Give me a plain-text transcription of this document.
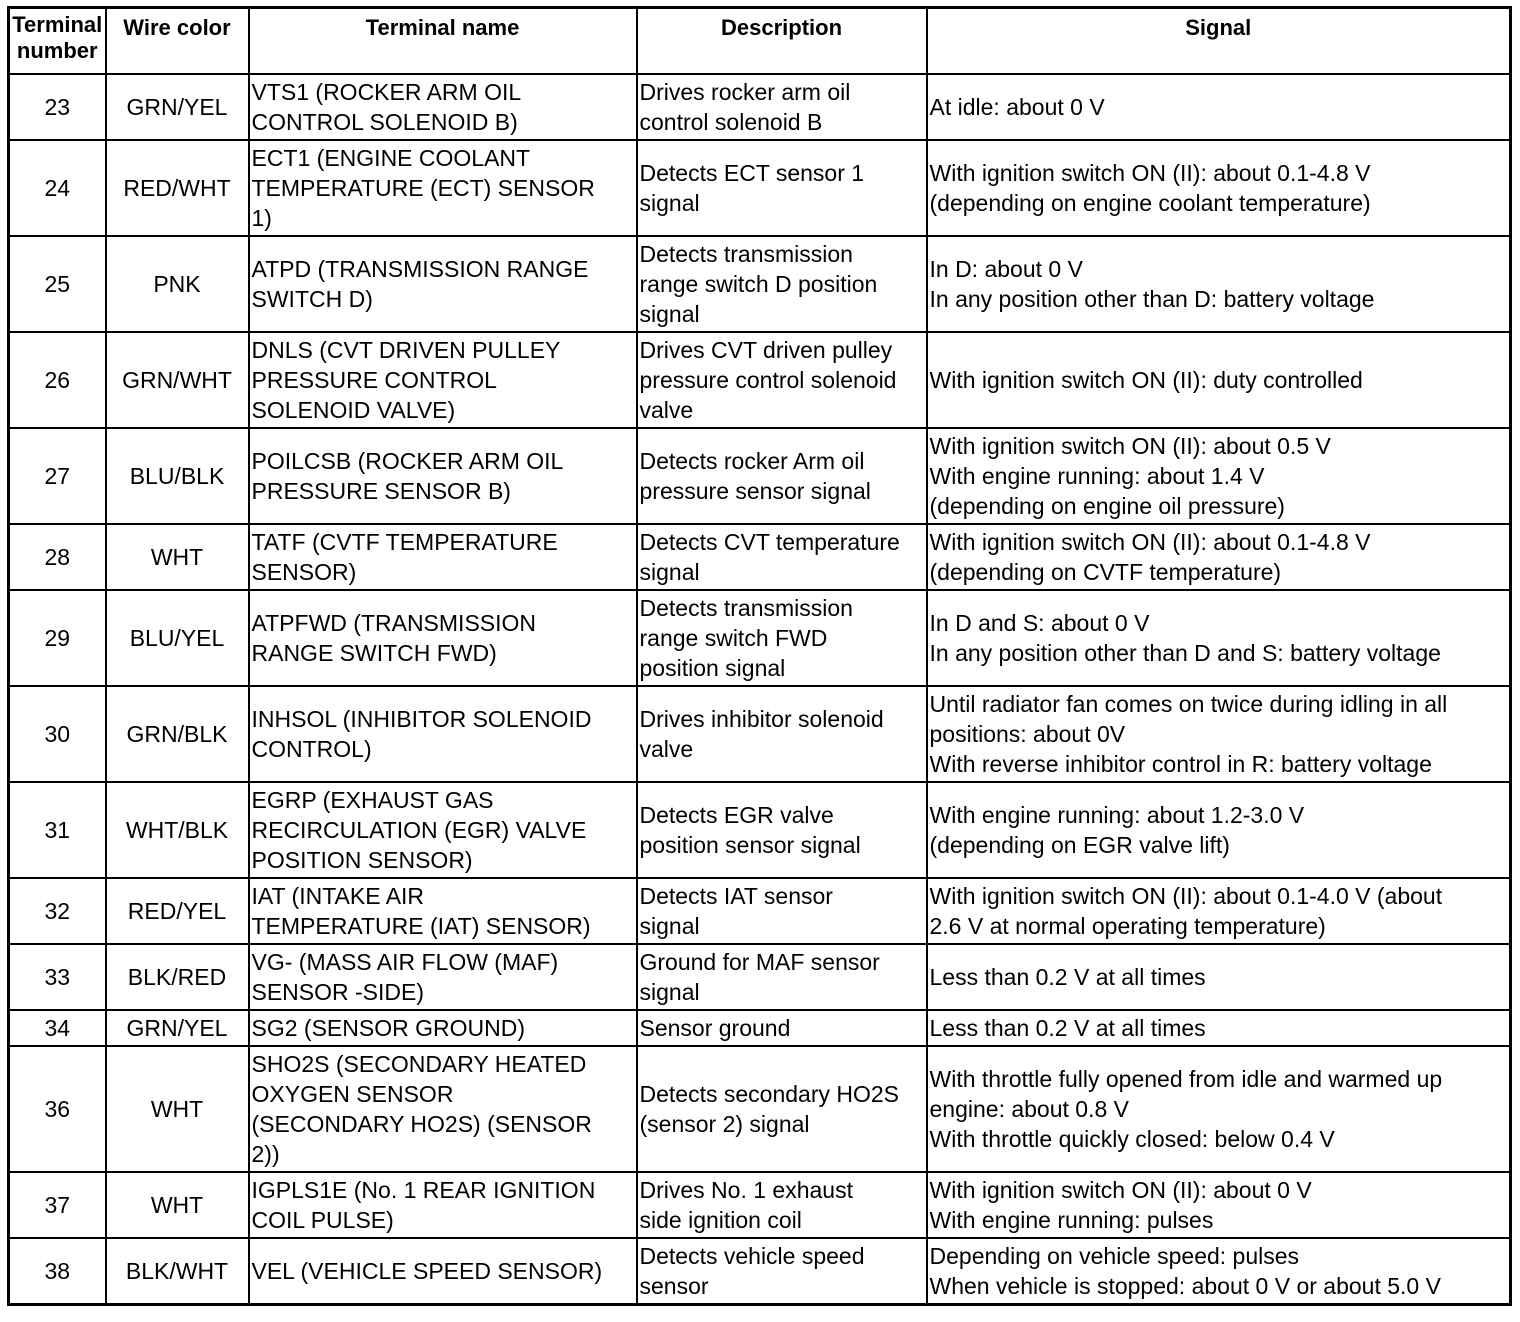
Terminal
number	Wire color	Terminal name	Description	Signal
23	GRN/YEL	VTS1 (ROCKER ARM OIL
CONTROL SOLENOID B)	Drives rocker arm oil
control solenoid B	At idle: about 0 V

24	RED/WHT	ECT1 (ENGINE COOLANT
TEMPERATURE (ECT) SENSOR
1)	Detects ECT sensor 1
signal	With ignition switch ON (II): about 0.1-4.8 V
(depending on engine coolant temperature)

25	PNK	ATPD (TRANSMISSION RANGE
SWITCH D)	Detects transmission
range switch D position
signal	In D: about 0 V
In any position other than D: battery voltage

26	GRN/WHT	DNLS (CVT DRIVEN PULLEY
PRESSURE CONTROL
SOLENOID VALVE)	Drives CVT driven pulley
pressure control solenoid
valve	With ignition switch ON (II): duty controlled

27	BLU/BLK	POILCSB (ROCKER ARM OIL
PRESSURE SENSOR B)	Detects rocker Arm oil
pressure sensor signal	With ignition switch ON (II): about 0.5 V
With engine running: about 1.4 V
(depending on engine oil pressure)

28	WHT	TATF (CVTF TEMPERATURE
SENSOR)	Detects CVT temperature
signal	With ignition switch ON (II): about 0.1-4.8 V
(depending on CVTF temperature)

29	BLU/YEL	ATPFWD (TRANSMISSION
RANGE SWITCH FWD)	Detects transmission
range switch FWD
position signal	In D and S: about 0 V
In any position other than D and S: battery voltage

30	GRN/BLK	INHSOL (INHIBITOR SOLENOID
CONTROL)	Drives inhibitor solenoid
valve	Until radiator fan comes on twice during idling in all
positions: about 0V
With reverse inhibitor control in R: battery voltage

31	WHT/BLK	EGRP (EXHAUST GAS
RECIRCULATION (EGR) VALVE
POSITION SENSOR)	Detects EGR valve
position sensor signal	With engine running: about 1.2-3.0 V
(depending on EGR valve lift)

32	RED/YEL	IAT (INTAKE AIR
TEMPERATURE (IAT) SENSOR)	Detects IAT sensor
signal	With ignition switch ON (II): about 0.1-4.0 V (about
2.6 V at normal operating temperature)

33	BLK/RED	VG- (MASS AIR FLOW (MAF)
SENSOR -SIDE)	Ground for MAF sensor
signal	Less than 0.2 V at all times

34	GRN/YEL	SG2 (SENSOR GROUND)	Sensor ground	Less than 0.2 V at all times

36	WHT	SHO2S (SECONDARY HEATED
OXYGEN SENSOR
(SECONDARY HO2S) (SENSOR
2))	Detects secondary HO2S
(sensor 2) signal	With throttle fully opened from idle and warmed up
engine: about 0.8 V
With throttle quickly closed: below 0.4 V

37	WHT	IGPLS1E (No. 1 REAR IGNITION
COIL PULSE)	Drives No. 1 exhaust
side ignition coil	With ignition switch ON (II): about 0 V
With engine running: pulses

38	BLK/WHT	VEL (VEHICLE SPEED SENSOR)	Detects vehicle speed
sensor	Depending on vehicle speed: pulses
When vehicle is stopped: about 0 V or about 5.0 V
